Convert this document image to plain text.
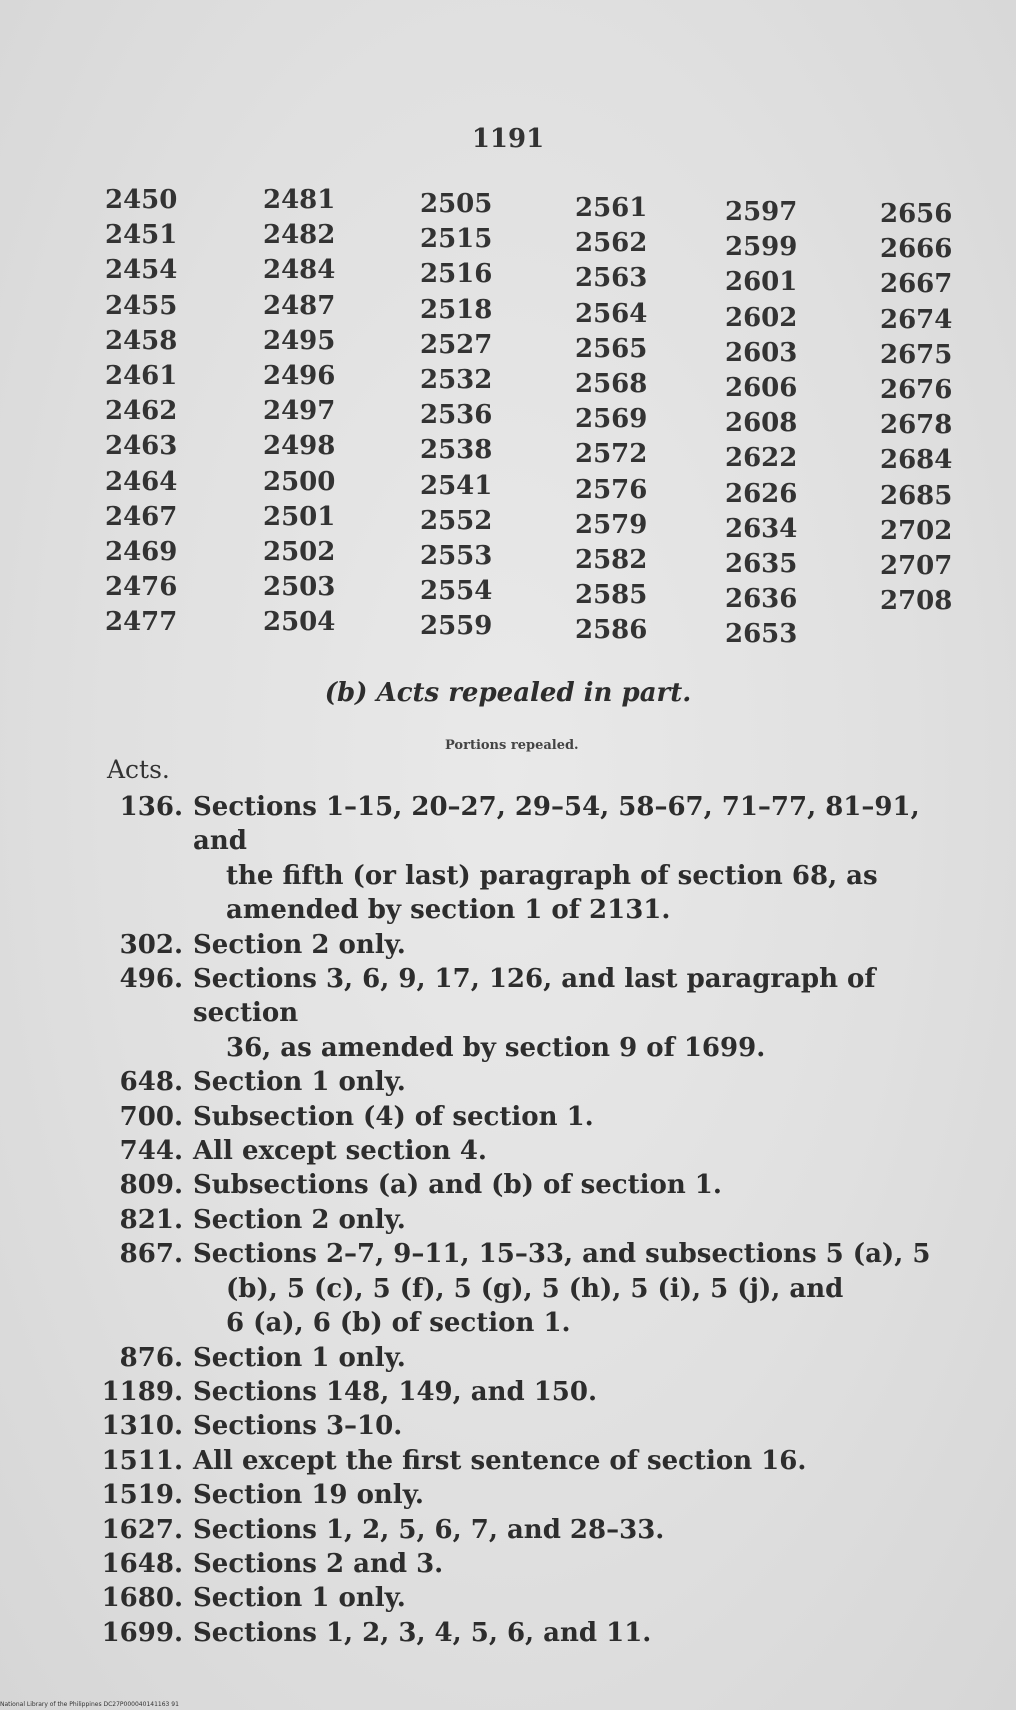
1191
2450
2451
2454
2455
2458
2461
2462
2463
2464
2467
2469
2476
2477
2481
2482
2484
2487
2495
2496
2497
2498
2500
2501
2502
2503
2504
2505
2515
2516
2518
2527
2532
2536
2538
2541
2552
2553
2554
2559
2561
2562
2563
2564
2565
2568
2569
2572
2576
2579
2582
2585
2586
2597
2599
2601
2602
2603
2606
2608
2622
2626
2634
2635
2636
2653
2656
2666
2667
2674
2675
2676
2678
2684
2685
2702
2707
2708
(b) Acts repealed in part.
Portions repealed.
Acts.
136. Sections 1–15, 20–27, 29–54, 58–67, 71–77, 81–91, and
the fifth (or last) paragraph of section 68, as
amended by section 1 of 2131.
302. Section 2 only.
496. Sections 3, 6, 9, 17, 126, and last paragraph of section
36, as amended by section 9 of 1699.
648. Section 1 only.
700. Subsection (4) of section 1.
744. All except section 4.
809. Subsections (a) and (b) of section 1.
821. Section 2 only.
867. Sections 2–7, 9–11, 15–33, and subsections 5 (a), 5
(b), 5 (c), 5 (f), 5 (g), 5 (h), 5 (i), 5 (j), and
6 (a), 6 (b) of section 1.
876. Section 1 only.
1189. Sections 148, 149, and 150.
1310. Sections 3–10.
1511. All except the first sentence of section 16.
1519. Section 19 only.
1627. Sections 1, 2, 5, 6, 7, and 28–33.
1648. Sections 2 and 3.
1680. Section 1 only.
1699. Sections 1, 2, 3, 4, 5, 6, and 11.
National Library of the Philippines DC27P000040141163 91
